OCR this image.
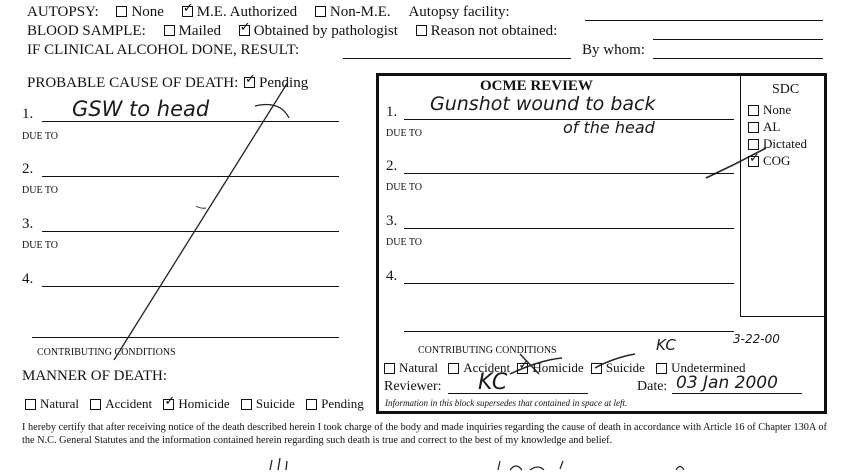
AUTOPSY: None ✓ M.E. Authorized Non-M.E. Autopsy facility:
BLOOD SAMPLE: Mailed ✓ Obtained by pathologist Reason not obtained:
IF CLINICAL ALCOHOL DONE, RESULT:	By whom:
PROBABLE CAUSE OF DEATH: ✓ Pending
1. GSW to head
DUE TO
2.
DUE TO
3.
DUE TO
4.
CONTRIBUTING CONDITIONS
MANNER OF DEATH:
Natural Accident ✓ Homicide Suicide Pending
OCME REVIEW
1. Gunshot wound to back
of the head
DUE TO
2.
DUE TO
3.
DUE TO
4.
CONTRIBUTING CONDITIONS	KC	3-22-00
Natural Accident ✓ Homicide Suicide Undetermined
Reviewer: KC	Date: 03 Jan 2000
Information in this block supersedes that contained in space at left.
SDC
None
AL
Dictated
✓COG
I hereby certify that after receiving notice of the death described herein I took charge of the body and made inquiries regarding the cause of death in accordance with Article 16 of Chapter 130A of the N.C. General Statutes and the information contained herein regarding such death is true and correct to the best of my knowledge and belief.
